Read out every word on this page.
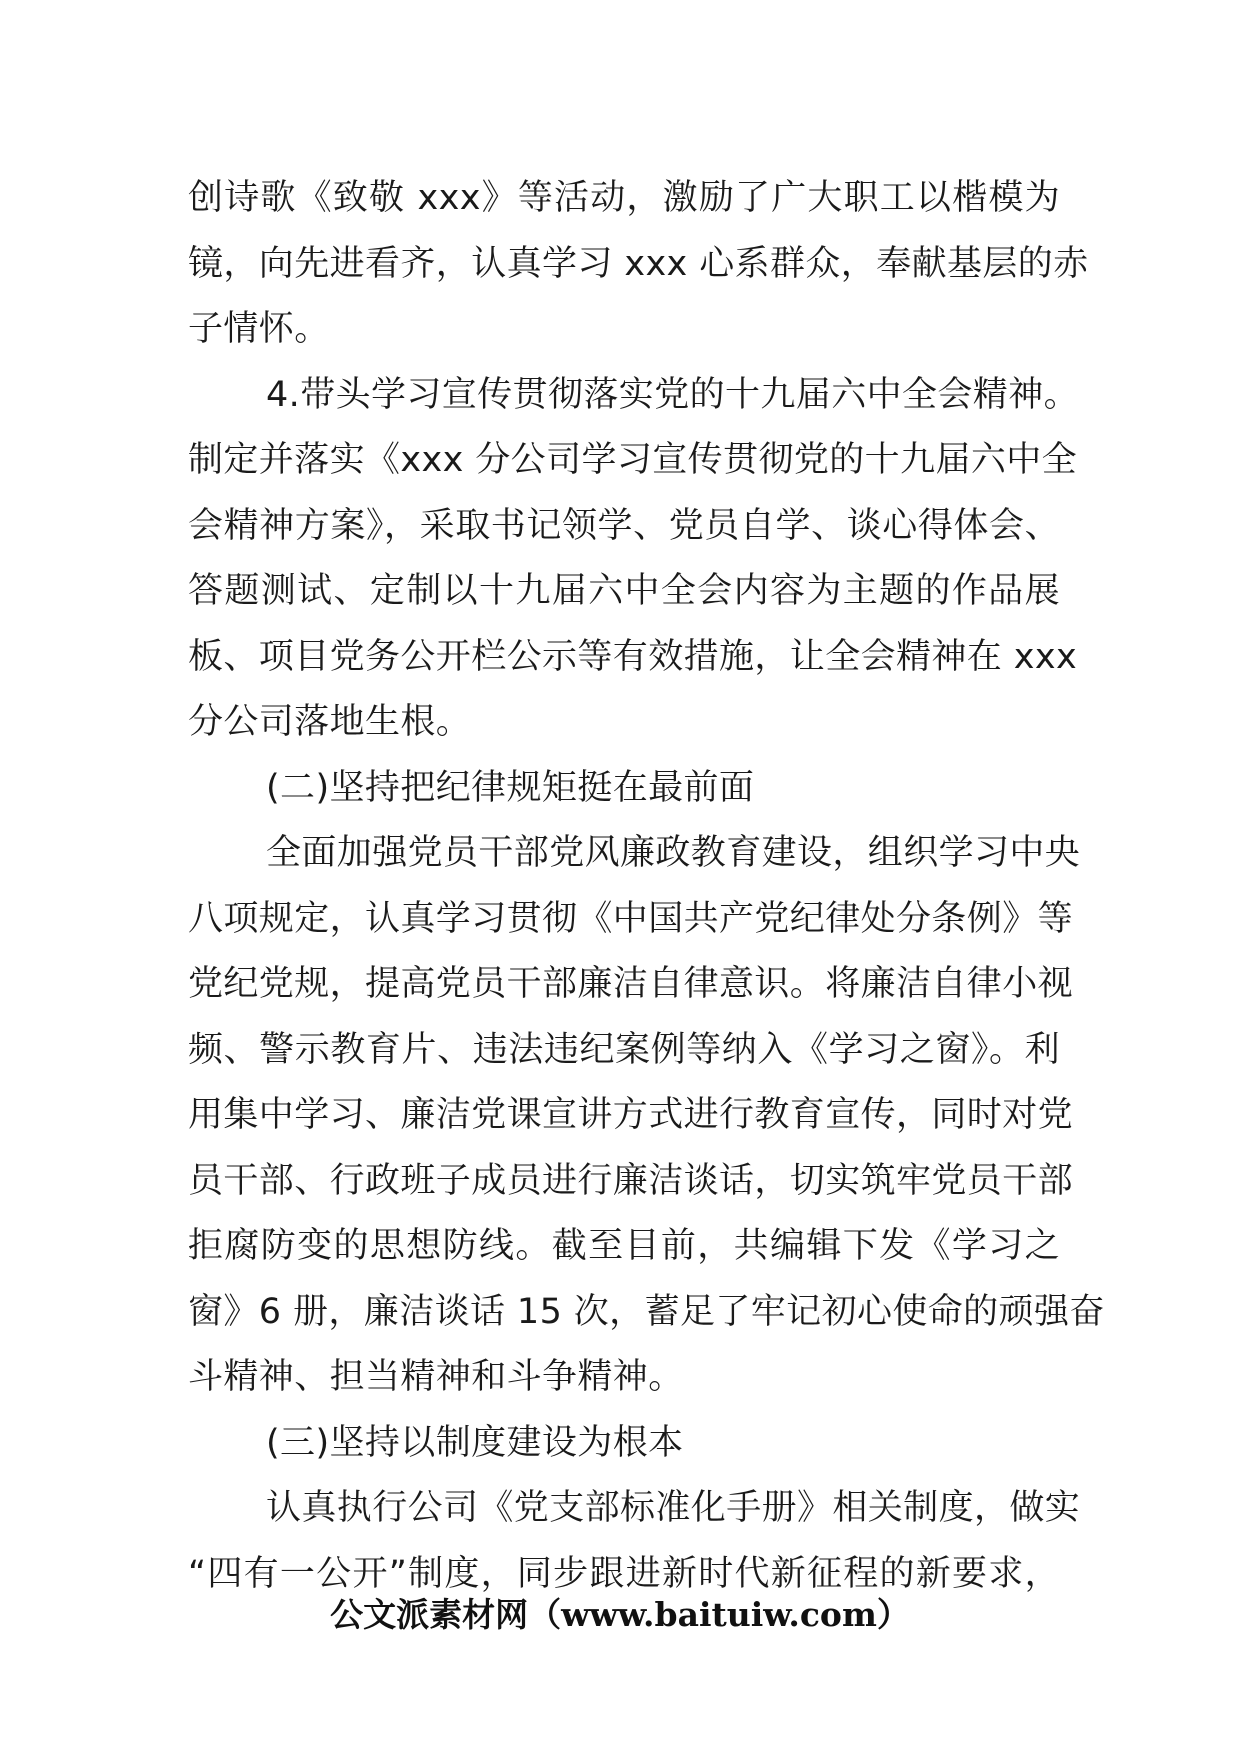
创诗歌《致敬 xxx》等活动，激励了广大职工以楷模为
镜，向先进看齐，认真学习 xxx 心系群众，奉献基层的赤
子情怀。
4.带头学习宣传贯彻落实党的十九届六中全会精神。
制定并落实《xxx 分公司学习宣传贯彻党的十九届六中全
会精神方案》，采取书记领学、党员自学、谈心得体会、
答题测试、定制以十九届六中全会内容为主题的作品展
板、项目党务公开栏公示等有效措施，让全会精神在 xxx
分公司落地生根。
(二)坚持把纪律规矩挺在最前面
全面加强党员干部党风廉政教育建设，组织学习中央
八项规定，认真学习贯彻《中国共产党纪律处分条例》等
党纪党规，提高党员干部廉洁自律意识。将廉洁自律小视
频、警示教育片、违法违纪案例等纳入《学习之窗》。利
用集中学习、廉洁党课宣讲方式进行教育宣传，同时对党
员干部、行政班子成员进行廉洁谈话，切实筑牢党员干部
拒腐防变的思想防线。截至目前，共编辑下发《学习之
窗》6 册，廉洁谈话 15 次，蓄足了牢记初心使命的顽强奋
斗精神、担当精神和斗争精神。
(三)坚持以制度建设为根本
认真执行公司《党支部标准化手册》相关制度，做实
“四有一公开”制度，同步跟进新时代新征程的新要求，
公文派素材网（www.baituiw.com）
